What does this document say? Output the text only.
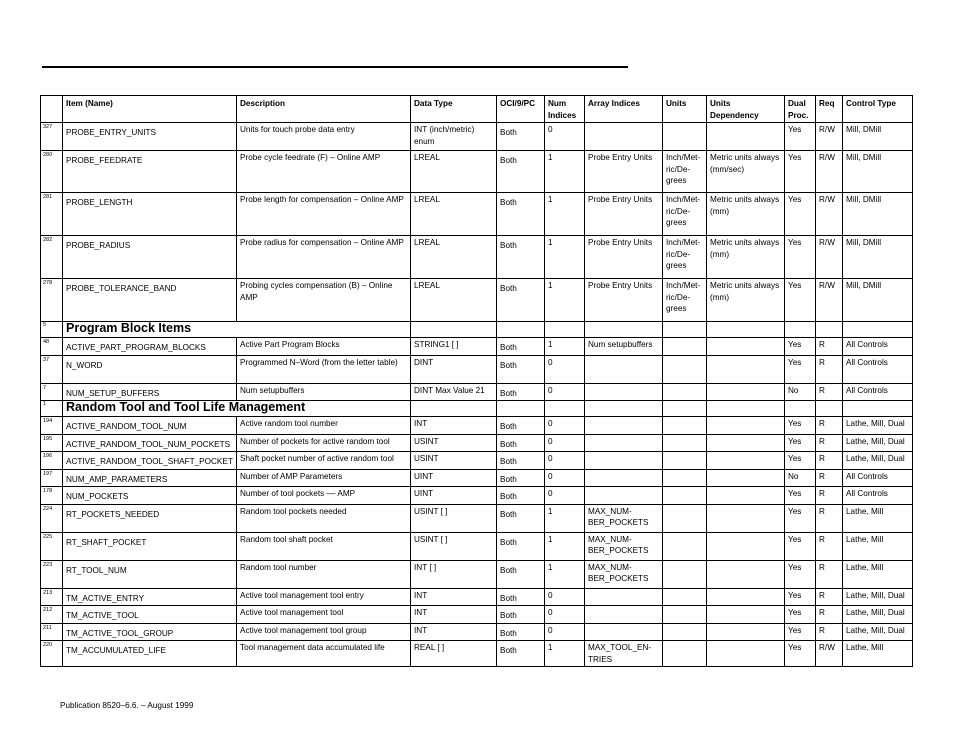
	Item (Name)	Description	Data Type	OCI/9/PC	Num Indices	Array Indices	Units	Units Dependency	Dual Proc.	Req	Control Type
327	PROBE_ENTRY_UNITS	Units for touch probe data entry	INT (inch/metric) enum	Both	0				Yes	R/W	Mill, DMill
280	PROBE_FEEDRATE	Probe cycle feedrate (F) – Online AMP	LREAL	Both	1	Probe Entry Units	Inch/Met-ric/De-grees	Metric units always (mm/sec)	Yes	R/W	Mill, DMill
281	PROBE_LENGTH	Probe length for compensation – Online AMP	LREAL	Both	1	Probe Entry Units	Inch/Met-ric/De-grees	Metric units always (mm)	Yes	R/W	Mill, DMill
282	PROBE_RADIUS	Probe radius for compensation – Online AMP	LREAL	Both	1	Probe Entry Units	Inch/Met-ric/De-grees	Metric units always (mm)	Yes	R/W	Mill, DMill
278	PROBE_TOLERANCE_BAND	Probing cycles compensation (B) – Online AMP	LREAL	Both	1	Probe Entry Units	Inch/Met-ric/De-grees	Metric units always (mm)	Yes	R/W	Mill, DMill
5	Program Block Items										
48	ACTIVE_PART_PROGRAM_BLOCKS	Active Part Program Blocks	STRING1 [ ]	Both	1	Num setupbuffers			Yes	R	All Controls
37	N_WORD	Programmed N–Word (from the letter table)	DINT	Both	0				Yes	R	All Controls
7	NUM_SETUP_BUFFERS	Num setupbuffers	DINT Max Value 21	Both	0				No	R	All Controls
1	Random Tool and Tool Life Management										
194	ACTIVE_RANDOM_TOOL_NUM	Active random tool number	INT	Both	0				Yes	R	Lathe, Mill, Dual
195	ACTIVE_RANDOM_TOOL_NUM_POCKETS	Number of pockets for active random tool	USINT	Both	0				Yes	R	Lathe, Mill, Dual
196	ACTIVE_RANDOM_TOOL_SHAFT_POCKET	Shaft pocket number of active random tool	USINT	Both	0				Yes	R	Lathe, Mill, Dual
197	NUM_AMP_PARAMETERS	Number of AMP Parameters	UINT	Both	0				No	R	All Controls
178	NUM_POCKETS	Number of tool pockets –– AMP	UINT	Both	0				Yes	R	All Controls
224	RT_POCKETS_NEEDED	Random tool pockets needed	USINT [ ]	Both	1	MAX_NUM-BER_POCKETS			Yes	R	Lathe, Mill
225	RT_SHAFT_POCKET	Random tool shaft pocket	USINT [ ]	Both	1	MAX_NUM-BER_POCKETS			Yes	R	Lathe, Mill
223	RT_TOOL_NUM	Random tool number	INT [ ]	Both	1	MAX_NUM-BER_POCKETS			Yes	R	Lathe, Mill
213	TM_ACTIVE_ENTRY	Active tool management tool entry	INT	Both	0				Yes	R	Lathe, Mill, Dual
212	TM_ACTIVE_TOOL	Active tool management tool	INT	Both	0				Yes	R	Lathe, Mill, Dual
211	TM_ACTIVE_TOOL_GROUP	Active tool management tool group	INT	Both	0				Yes	R	Lathe, Mill, Dual
220	TM_ACCUMULATED_LIFE	Tool management data accumulated life	REAL [ ]	Both	1	MAX_TOOL_EN-TRIES			Yes	R/W	Lathe, Mill
Publication 8520–6.6. – August 1999
